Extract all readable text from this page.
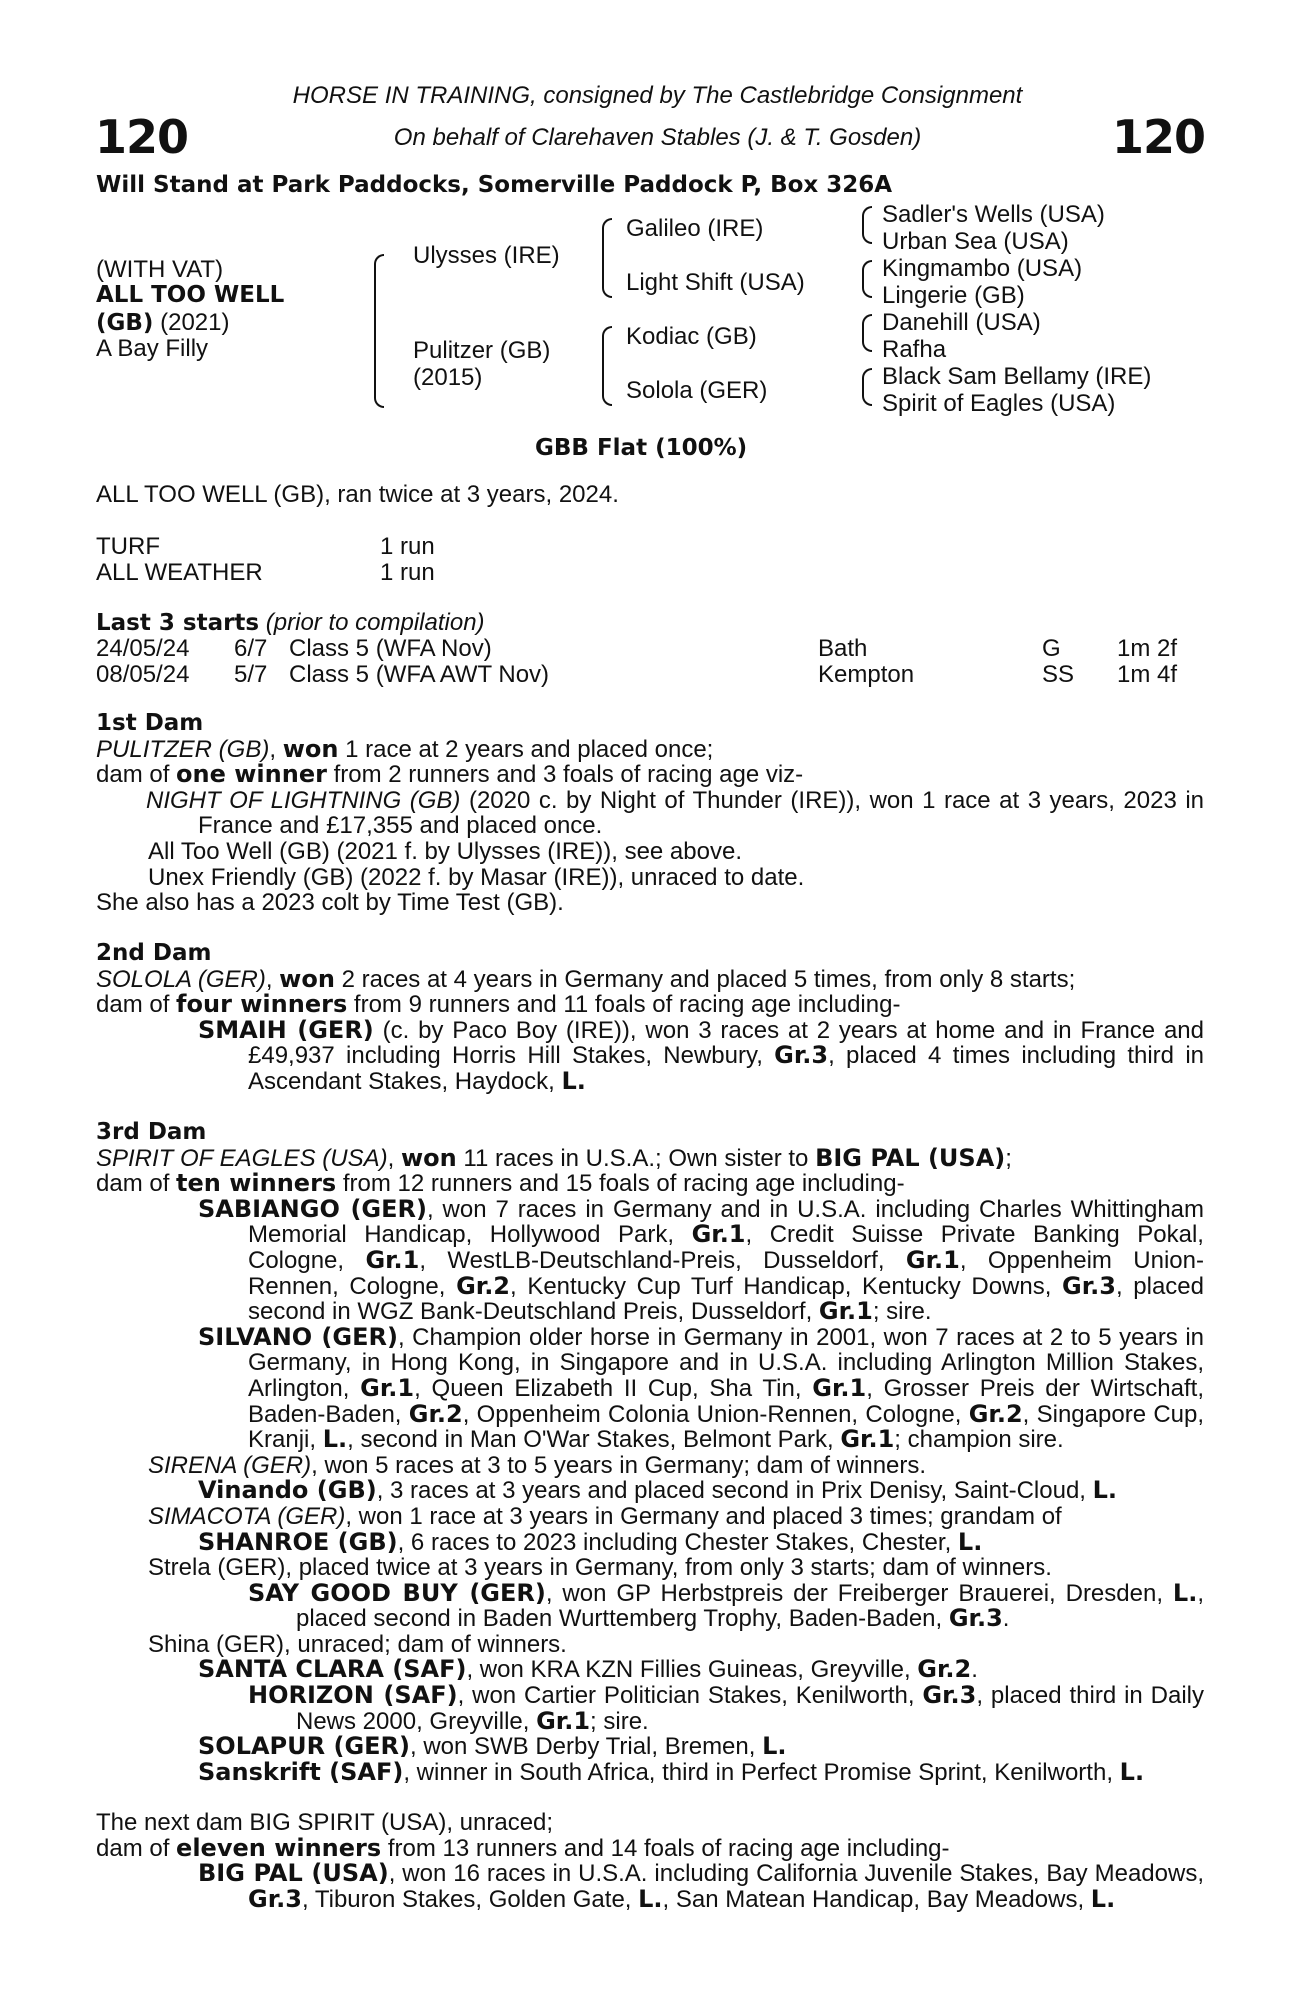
120	120
HORSE IN TRAINING, consigned by The Castlebridge Consignment
On behalf of Clarehaven Stables (J. & T. Gosden)
Will Stand at Park Paddocks, Somerville Paddock P, Box 326A
(WITH VAT)
ALL TOO WELL
(GB) (2021)
A Bay Filly
Ulysses (IRE)
Pulitzer (GB)
(2015)
Galileo (IRE)
Light Shift (USA)
Kodiac (GB)
Solola (GER)
Sadler's Wells (USA)
Urban Sea (USA)
Kingmambo (USA)
Lingerie (GB)
Danehill (USA)
Rafha
Black Sam Bellamy (IRE)
Spirit of Eagles (USA)
GBB Flat (100%)
ALL TOO WELL (GB), ran twice at 3 years, 2024.
TURF	1 run
ALL WEATHER	1 run
Last 3 starts (prior to compilation)
24/05/24 6/7 Class 5 (WFA Nov)	Bath	G 1m 2f
08/05/24 5/7 Class 5 (WFA AWT Nov)	Kempton	SS 1m 4f

1st Dam

PULITZER (GB), won 1 race at 2 years and placed once;

dam of one winner from 2 runners and 3 foals of racing age viz-

NIGHT OF LIGHTNING (GB) (2020 c. by Night of Thunder (IRE)), won 1 race at 3 years, 2023 in France and £17,355 and placed once.

All Too Well (GB) (2021 f. by Ulysses (IRE)), see above.

Unex Friendly (GB) (2022 f. by Masar (IRE)), unraced to date.

She also has a 2023 colt by Time Test (GB).

2nd Dam

SOLOLA (GER), won 2 races at 4 years in Germany and placed 5 times, from only 8 starts;

dam of four winners from 9 runners and 11 foals of racing age including-

SMAIH (GER) (c. by Paco Boy (IRE)), won 3 races at 2 years at home and in France and £49,937 including Horris Hill Stakes, Newbury, Gr.3, placed 4 times including third in Ascendant Stakes, Haydock, L.

3rd Dam

SPIRIT OF EAGLES (USA), won 11 races in U.S.A.; Own sister to BIG PAL (USA);

dam of ten winners from 12 runners and 15 foals of racing age including-

SABIANGO (GER), won 7 races in Germany and in U.S.A. including Charles Whittingham Memorial Handicap, Hollywood Park, Gr.1, Credit Suisse Private Banking Pokal, Cologne, Gr.1, WestLB-Deutschland-Preis, Dusseldorf, Gr.1, Oppenheim Union-Rennen, Cologne, Gr.2, Kentucky Cup Turf Handicap, Kentucky Downs, Gr.3, placed second in WGZ Bank-Deutschland Preis, Dusseldorf, Gr.1; sire.

SILVANO (GER), Champion older horse in Germany in 2001, won 7 races at 2 to 5 years in Germany, in Hong Kong, in Singapore and in U.S.A. including Arlington Million Stakes, Arlington, Gr.1, Queen Elizabeth II Cup, Sha Tin, Gr.1, Grosser Preis der Wirtschaft, Baden-Baden, Gr.2, Oppenheim Colonia Union-Rennen, Cologne, Gr.2, Singapore Cup, Kranji, L., second in Man O'War Stakes, Belmont Park, Gr.1; champion sire.

SIRENA (GER), won 5 races at 3 to 5 years in Germany; dam of winners.

Vinando (GB), 3 races at 3 years and placed second in Prix Denisy, Saint-Cloud, L.

SIMACOTA (GER), won 1 race at 3 years in Germany and placed 3 times; grandam of

SHANROE (GB), 6 races to 2023 including Chester Stakes, Chester, L.

Strela (GER), placed twice at 3 years in Germany, from only 3 starts; dam of winners.

SAY GOOD BUY (GER), won GP Herbstpreis der Freiberger Brauerei, Dresden, L., placed second in Baden Wurttemberg Trophy, Baden-Baden, Gr.3.

Shina (GER), unraced; dam of winners.

SANTA CLARA (SAF), won KRA KZN Fillies Guineas, Greyville, Gr.2.

HORIZON (SAF), won Cartier Politician Stakes, Kenilworth, Gr.3, placed third in Daily News 2000, Greyville, Gr.1; sire.

SOLAPUR (GER), won SWB Derby Trial, Bremen, L.

Sanskrift (SAF), winner in South Africa, third in Perfect Promise Sprint, Kenilworth, L.

The next dam BIG SPIRIT (USA), unraced;

dam of eleven winners from 13 runners and 14 foals of racing age including-

BIG PAL (USA), won 16 races in U.S.A. including California Juvenile Stakes, Bay Meadows, Gr.3, Tiburon Stakes, Golden Gate, L., San Matean Handicap, Bay Meadows, L.
